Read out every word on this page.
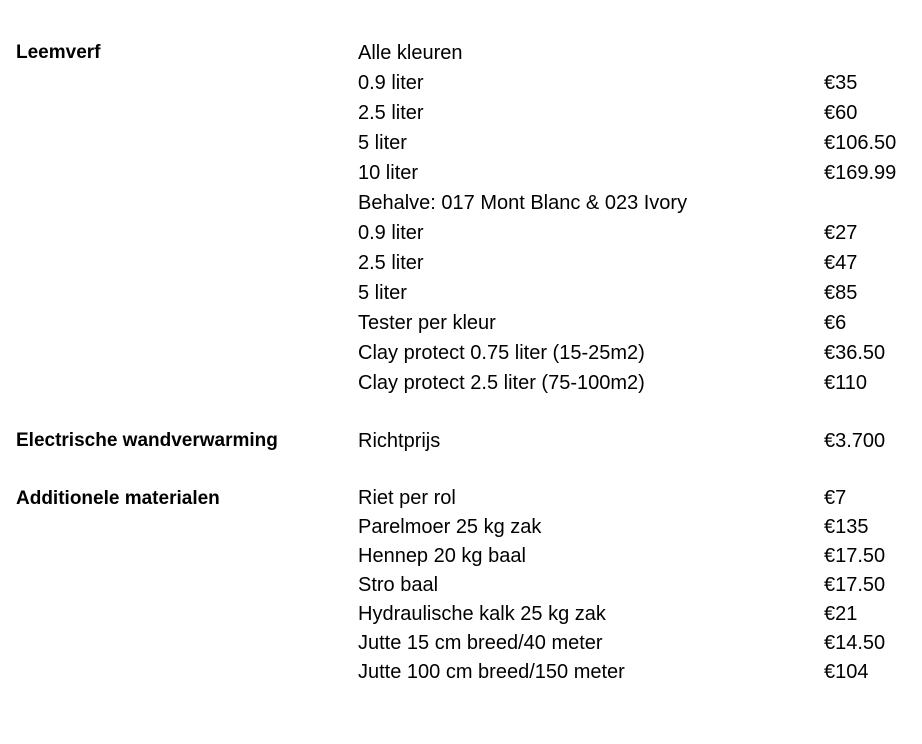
Leemverf	Alle kleuren
0.9 liter	€35
2.5 liter	€60
5 liter	€106.50
10 liter	€169.99
Behalve: 017 Mont Blanc & 023 Ivory
0.9 liter	€27
2.5 liter	€47
5 liter	€85
Tester per kleur	€6
Clay protect 0.75 liter (15-25m2)	€36.50
Clay protect 2.5 liter (75-100m2)	€110
Electrische wandverwarming	Richtprijs	€3.700
Additionele materialen	Riet per rol	€7
Parelmoer 25 kg zak	€135
Hennep 20 kg baal	€17.50
Stro baal	€17.50
Hydraulische kalk 25 kg zak	€21
Jutte 15 cm breed/40 meter	€14.50
Jutte 100 cm breed/150 meter	€104
